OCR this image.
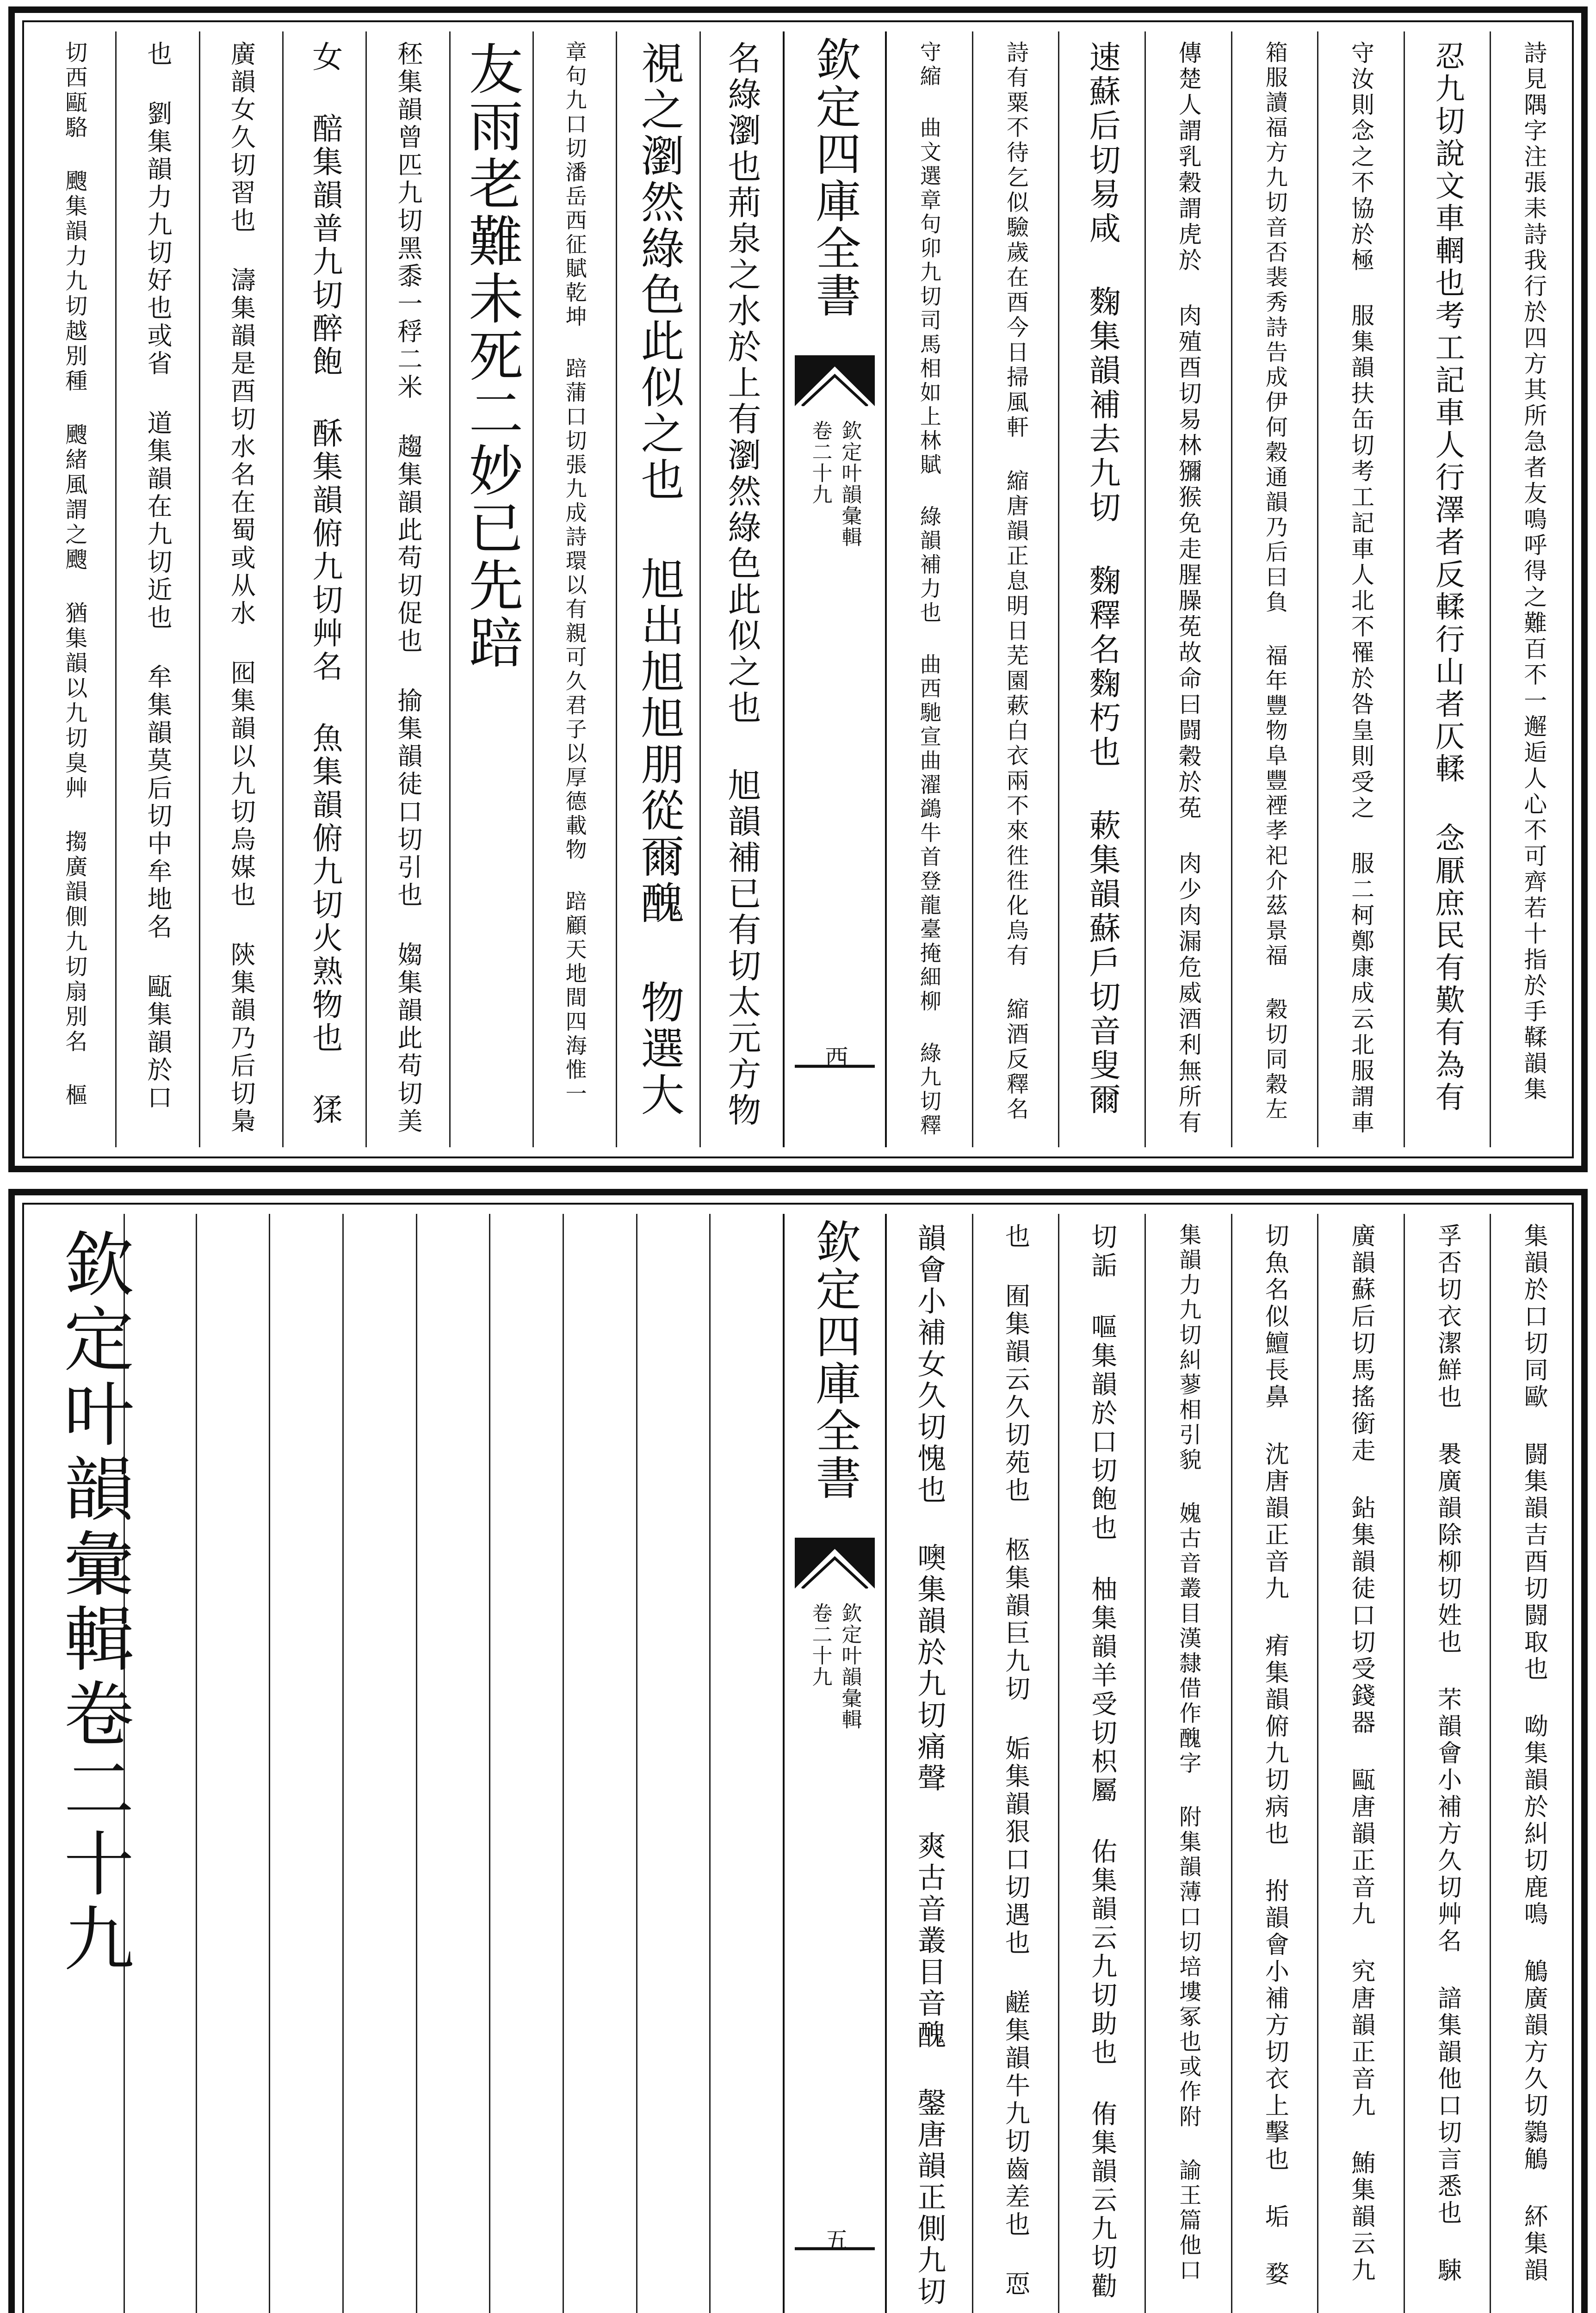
名綠瀏也荊泉之水於上有瀏然綠色此似之也 旭韻補已有切太元方物
視之瀏然綠色此似之也 旭出旭旭朋從爾醜 物選大
章句九口切潘岳西征賦乾坤 踣蒲口切張九成詩環以有親可久君子以厚德載物 踣顧天地間四海惟一
友雨老難未死二妙已先踣
秠集韻曾匹九切黑黍一稃二米 趨集韻此苟切促也 揄集韻徒口切引也 媰集韻此苟切美
女 醅集韻普九切醉飽 酥集韻俯九切艸名 魚集韻俯九切火熟物也 猱
廣韻女久切習也 濤集韻是酉切水名在蜀或从水 囮集韻以九切烏媒也 陝集韻乃后切梟
也 劉集韻力九切好也或省 道集韻在九切近也 牟集韻莫后切中牟地名 甌集韻於口
切西甌駱 颼集韻力九切越別種 颼緒風謂之颼 猶集韻以九切臭艸 搊廣韻側九切扇別名 樞	欽定四庫全書
欽定叶韻彙輯
卷二十九
西	詩見隅字注張耒詩我行於四方其所急者友鳴呼得之難百不一邂逅人心不可齊若十指於手鞣韻集
忍九切說文車輞也考工記車人行澤者反輮行山者仄輮 念厭庶民有歎有為有
守汝則念之不協於極 服集韻扶缶切考工記車人北不罹於咎皇則受之 服二柯鄭康成云北服謂車
箱服讀福方九切音否裴秀詩告成伊何穀通韻乃后曰負 福年豐物阜豐禋孝祀介茲景福 穀切同穀左
傳楚人謂乳穀謂虎於 肉殖酉切易林獼猴免走腥臊莬故命曰闘穀於莬 肉少肉漏危威酒利無所有
速蘇后切易咸 麴集韻補去九切 麴釋名麴朽也 蔌集韻蘇戶切音叟爾
詩有粟不待乞似驗歲在酉今日掃風軒 縮唐韻正息明日芜園蔌白衣兩不來徃徃化烏有 縮酒反釋名
守縮 曲文選章句卯九切司馬相如上林賦 綠韻補力也 曲西馳宣曲濯鷁牛首登龍臺掩細柳 綠九切釋
欽定叶韻彙輯卷二十九	欽定四庫全書
欽定叶韻彙輯
卷二十九
五	集韻於口切同歐 闘集韻吉酉切闘取也 呦集韻於糾切鹿鳴 鵤廣韻方久切鸏鵤 紑集韻
孚否切衣潔鮮也 褁廣韻除柳切姓也 芣韻會小補方久切艸名 諳集韻他口切言悉也 駷
廣韻蘇后切馬搖銜走 鉆集韻徒口切受錢器 甌唐韻正音九 究唐韻正音九 鮪集韻云九
切魚名似鱣長鼻 沈唐韻正音九 痏集韻俯九切病也 拊韻會小補方切衣上擊也 垢 婺
集韻力九切糾蓼相引貌 媿古音叢目漢隸借作醜字 附集韻薄口切培塿冢也或作附 諭王篇他口
切詬 嘔集韻於口切飽也 柚集韻羊受切枳屬 佑集韻云九切助也 侑集韻云九切勸
也 囿集韻云久切苑也 柩集韻巨九切 姤集韻狠口切遇也 鹺集韻牛九切齒差也 恧
韻會小補女久切愧也 噢集韻於九切痛聲 爽古音叢目音醜 鏧唐韻正側九切
